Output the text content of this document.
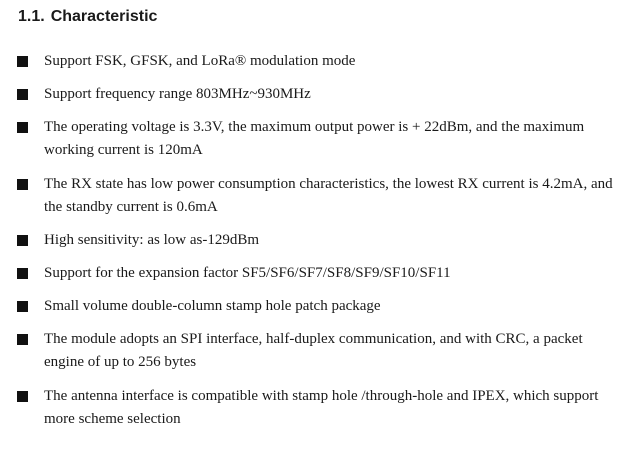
1.1. Characteristic

Support FSK, GFSK, and LoRa® modulation mode

Support frequency range 803MHz~930MHz

The operating voltage is 3.3V, the maximum output power is + 22dBm, and the maximum working current is 120mA

The RX state has low power consumption characteristics, the lowest RX current is 4.2mA, and the standby current is 0.6mA

High sensitivity: as low as-129dBm

Support for the expansion factor SF5/SF6/SF7/SF8/SF9/SF10/SF11

Small volume double-column stamp hole patch package

The module adopts an SPI interface, half-duplex communication, and with CRC, a packet engine of up to 256 bytes

The antenna interface is compatible with stamp hole /through-hole and IPEX, which support more scheme selection
